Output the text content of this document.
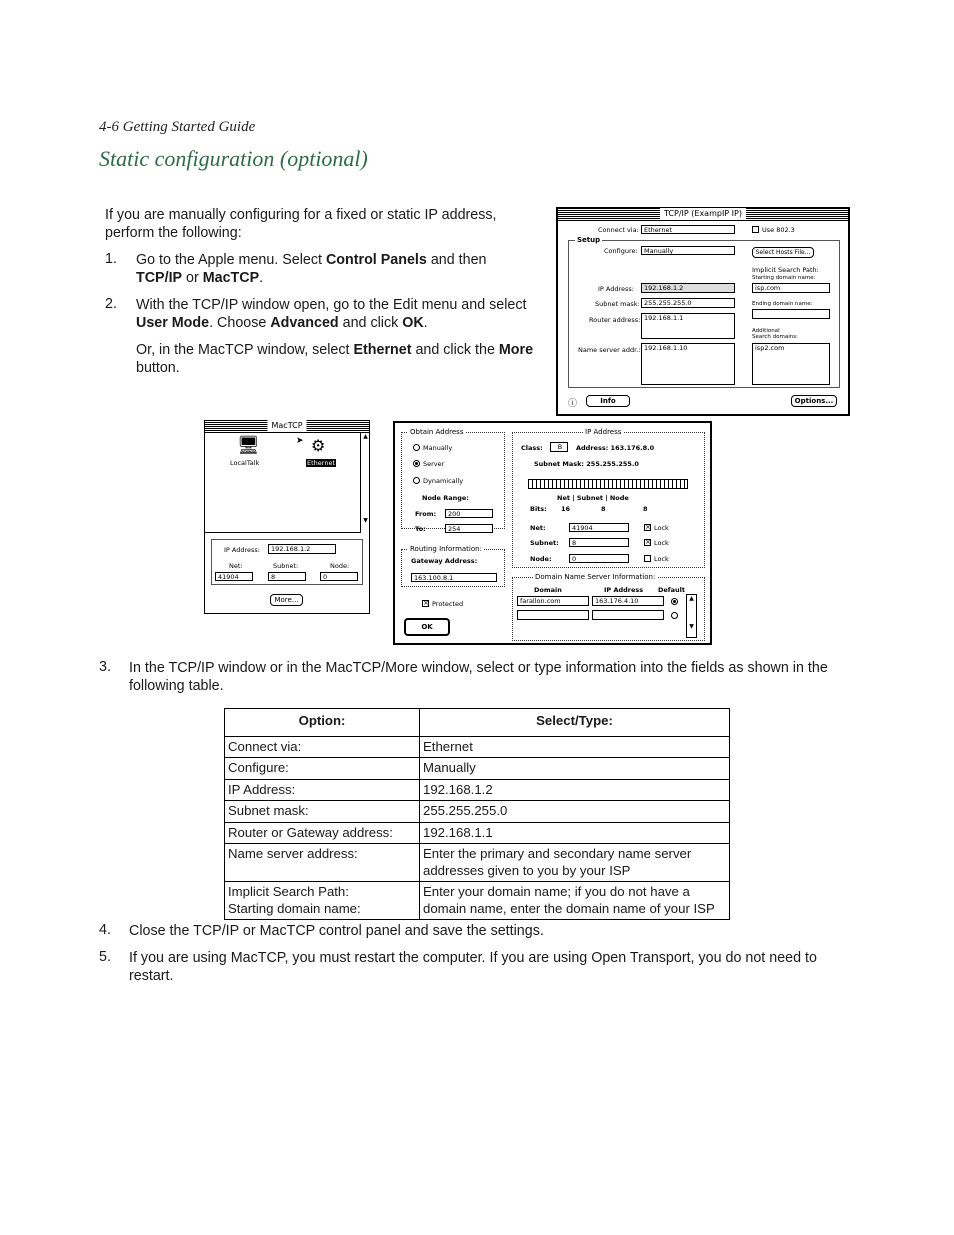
4-6 Getting Started Guide
Static configuration (optional)
If you are manually configuring for a fixed or static IP address, perform the following:
1. Go to the Apple menu. Select Control Panels and then TCP/IP or MacTCP.
2. With the TCP/IP window open, go to the Edit menu and select User Mode. Choose Advanced and click OK.
Or, in the MacTCP window, select Ethernet and click the More button.
TCP/IP (ExampIP IP)
Connect via: Ethernet	Use 802.3
Setup
Configure: Manually	Select Hosts File...
Implicit Search Path:
Starting domain name:
isp.com
IP Address:	192.168.1.2
Subnet mask: 255.255.255.0	Ending domain name:
Router address: 192.168.1.1
Additional
Search domains:
Name server addr.: 192.168.1.10	isp2.com
ⓘ	Info	Options...
MacTCP
▲

▼
🖥
LocalTalk
➤ ⚙
Ethernet
IP Address:	192.168.1.2
Net:	Subnet:	Node:
41904	8	0
More...
Obtain Address
Manually
Server
Dynamically
Node Range:
From:	200
To:	254
Routing Information:
Gateway Address:
163.100.8.1
× Protected
OK
IP Address
Class:	B	Address: 163.176.8.0
Subnet Mask: 255.255.255.0
Net | Subnet | Node
Bits: 16	8	8
Net:	41904	× Lock
Subnet:	8	× Lock
Node:	0	Lock
Domain Name Server Information:
Domain	IP Address Default
farallon.com	163.176.4.10	▲

▼
3. In the TCP/IP window or in the MacTCP/More window, select or type information into the fields as shown in the following table.
Option:	Select/Type:
Connect via:	Ethernet
Configure:	Manually
IP Address:	192.168.1.2
Subnet mask:	255.255.255.0
Router or Gateway address:	192.168.1.1
Name server address:	Enter the primary and secondary name server addresses given to you by your ISP
Implicit Search Path:
Starting domain name:	Enter your domain name; if you do not have a domain name, enter the domain name of your ISP
4. Close the TCP/IP or MacTCP control panel and save the settings.
5. If you are using MacTCP, you must restart the computer. If you are using Open Transport, you do not need to restart.
